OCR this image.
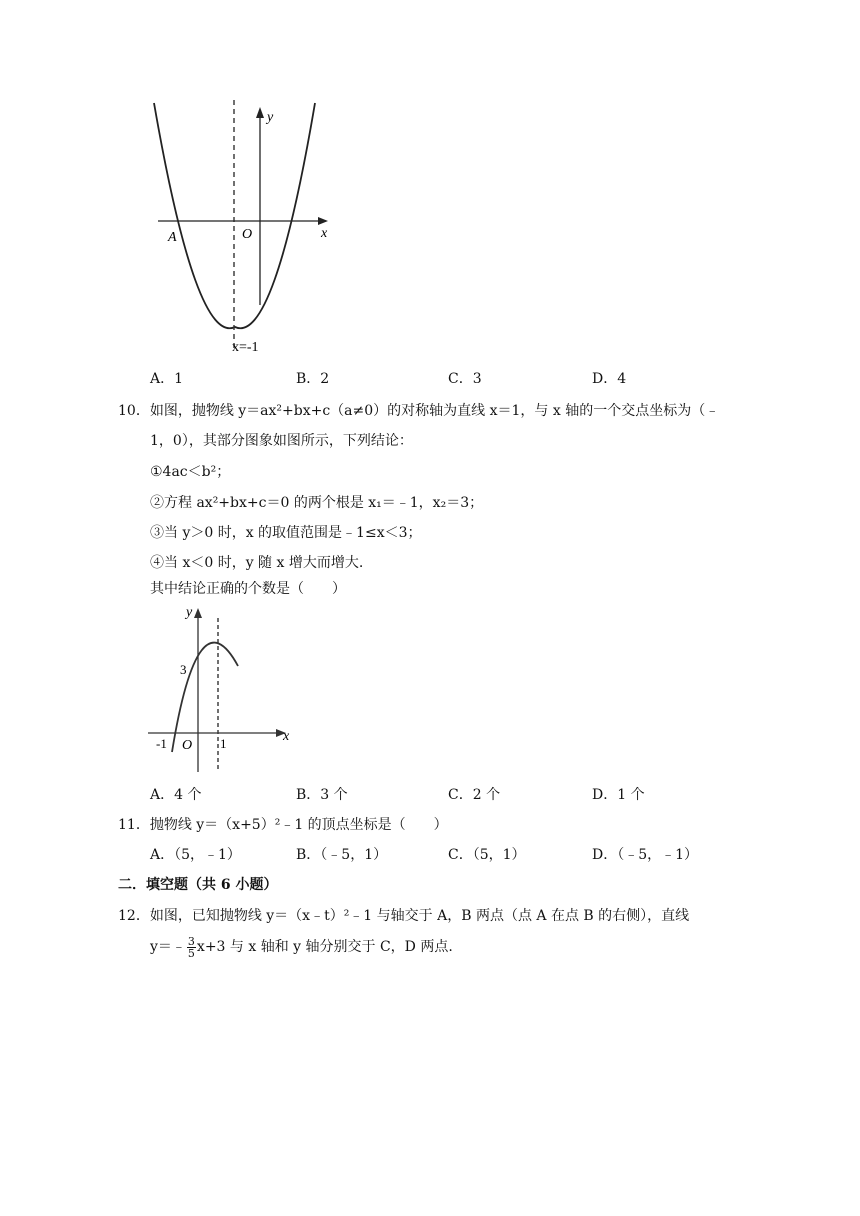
y
x
O
A
x=-1
A．1	B．2	C．3	D．4
10．如图，抛物线 y＝ax²+bx+c（a≠0）的对称轴为直线 x＝1，与 x 轴的一个交点坐标为（﹣
1，0），其部分图象如图所示，下列结论：
①4ac＜b²；
②方程 ax²+bx+c＝0 的两个根是 x₁＝﹣1，x₂＝3；
③当 y＞0 时，x 的取值范围是﹣1≤x＜3；
④当 x＜0 时，y 随 x 增大而增大.
其中结论正确的个数是（　　）
y
x
3
O
-1	1
A．4 个	B．3 个	C．2 个	D．1 个
11．抛物线 y＝（x+5）²﹣1 的顶点坐标是（　　）
A．（5，﹣1）	B．（﹣5，1）	C．（5，1）	D．（﹣5，﹣1）
二．填空题（共 6 小题）
12．如图，已知抛物线 y＝（x﹣t）²﹣1 与轴交于 A，B 两点（点 A 在点 B 的右侧），直线
y＝﹣ $\frac{3}{5} x+3$ 与 x 轴和 y 轴分别交于 C，D 两点.
